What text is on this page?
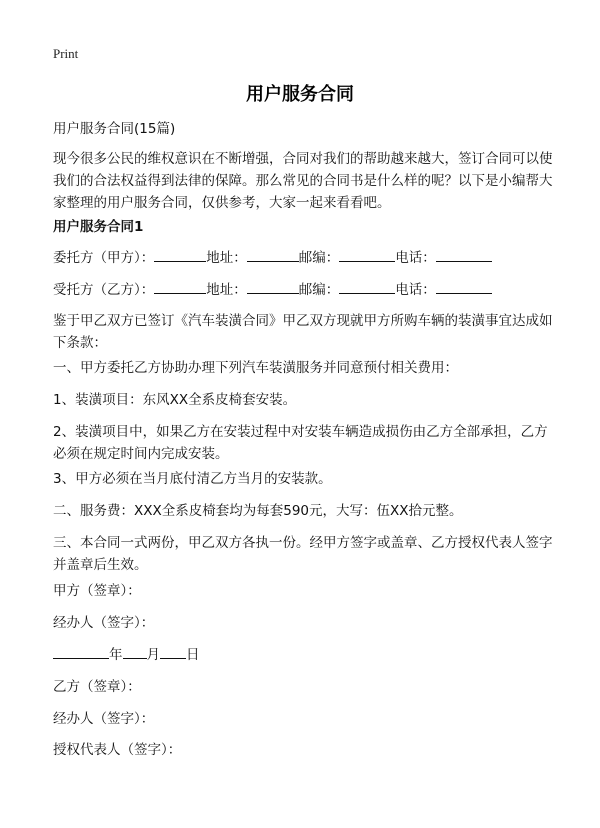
Print
用户服务合同
用户服务合同(15篇)
现今很多公民的维权意识在不断增强，合同对我们的帮助越来越大，签订合同可以使我们的合法权益得到法律的保障。那么常见的合同书是什么样的呢？以下是小编帮大家整理的用户服务合同，仅供参考，大家一起来看看吧。
用户服务合同1
委托方（甲方）：	地址：	邮编：	电话：
受托方（乙方）：	地址：	邮编：	电话：
鉴于甲乙双方已签订《汽车装潢合同》甲乙双方现就甲方所购车辆的装潢事宜达成如下条款：
一、甲方委托乙方协助办理下列汽车装潢服务并同意预付相关费用：
1、装潢项目：东风XX全系皮椅套安装。
2、装潢项目中，如果乙方在安装过程中对安装车辆造成损伤由乙方全部承担，乙方必须在规定时间内完成安装。
3、甲方必须在当月底付清乙方当月的安装款。
二、服务费：XXX全系皮椅套均为每套590元，大写：伍XX拾元整。
三、本合同一式两份，甲乙双方各执一份。经甲方签字或盖章、乙方授权代表人签字并盖章后生效。
甲方（签章）：
经办人（签字）：
年 月 日
乙方（签章）：
经办人（签字）：
授权代表人（签字）：
